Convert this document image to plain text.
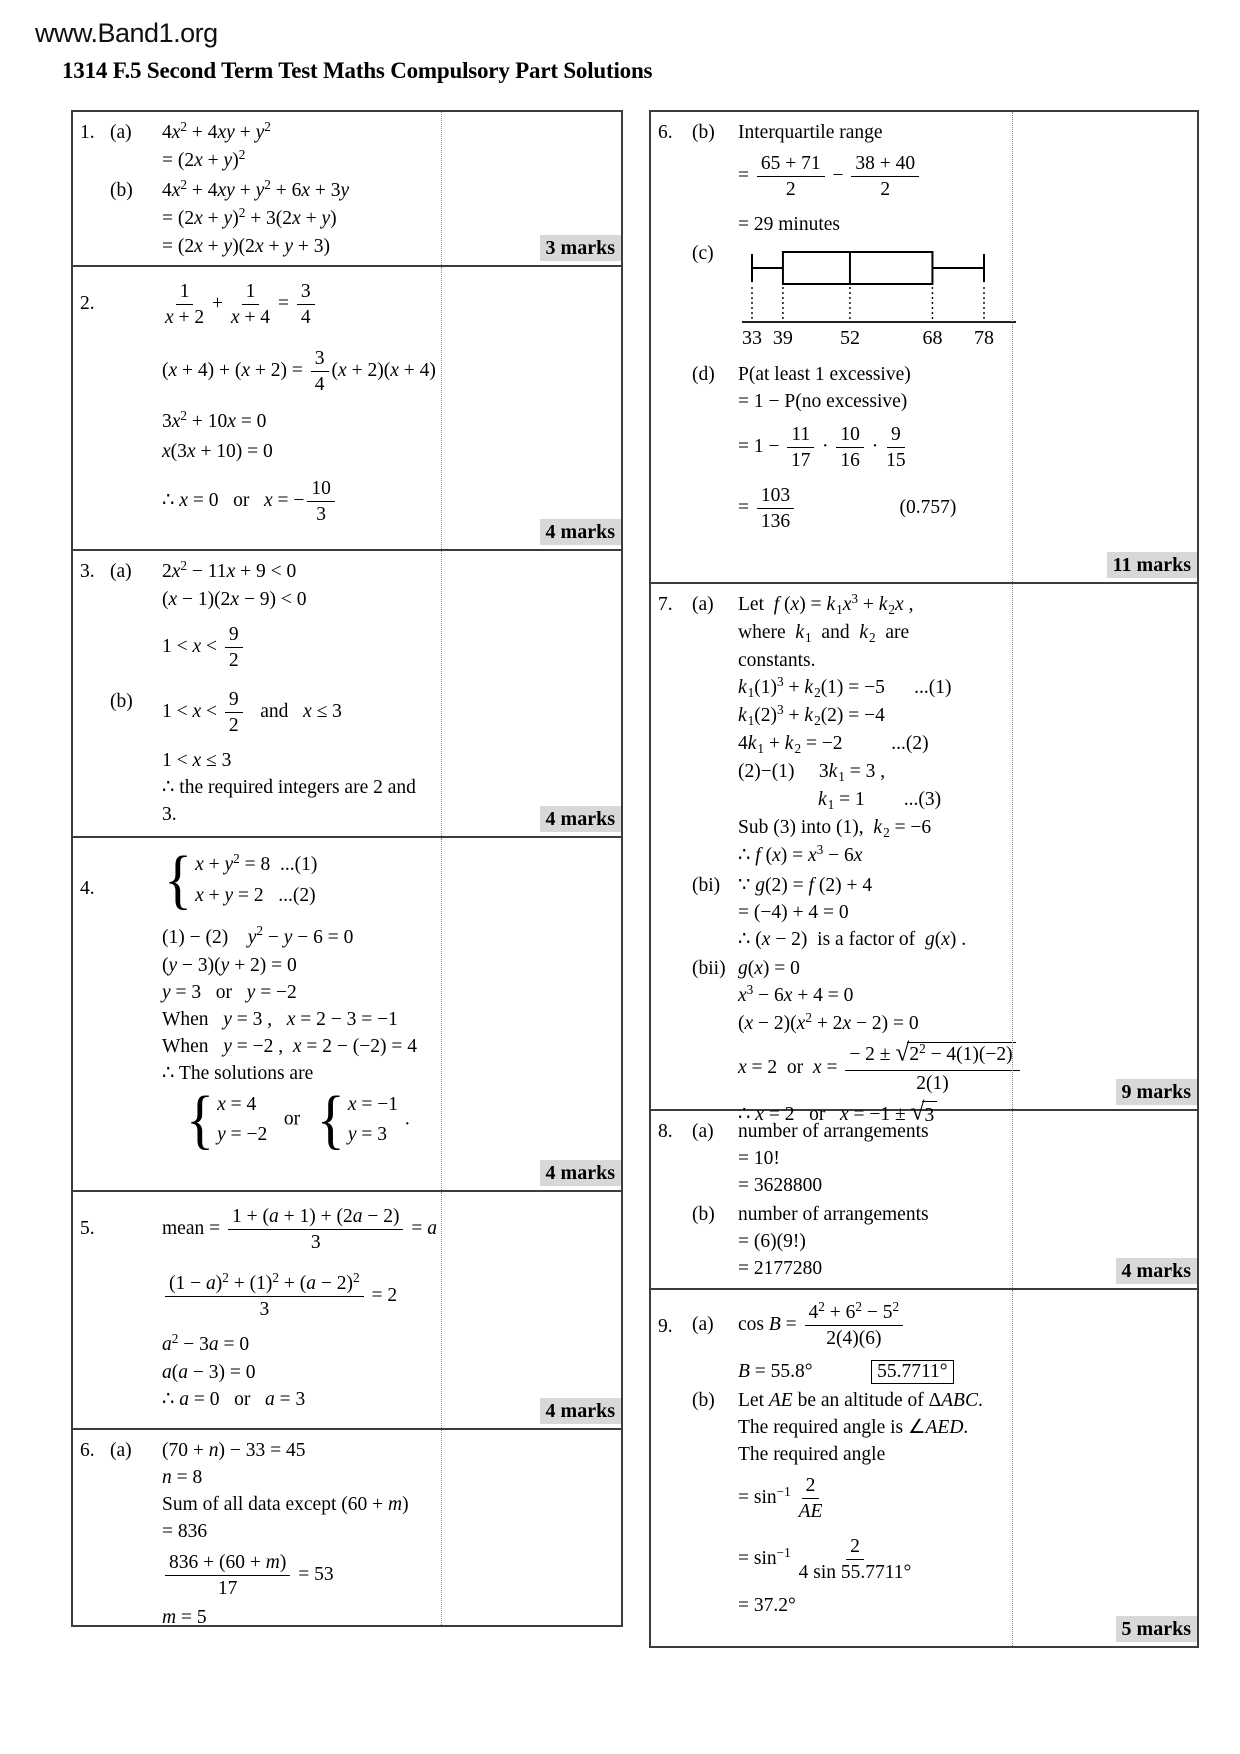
www.Band1.org
1314 F.5 Second Term Test Maths Compulsory Part Solutions
1. (a)	$4x^2 + 4xy + y^2$
= $(2x + y)^2$
(b)	$4x^2 + 4xy + y^2 + 6x + 3y$
= $(2x + y)^2 + 3(2x + y)$
= (2x + y)(2x + y + 3)	3 marks
2.	$\frac{1}{x + 2} + \frac{1}{x + 4} = \frac{3}{4}$
$(x + 4) + (x + 2) = \frac{3}{4} (x + 2)(x + 4)$
$3x^2 + 10x = 0$
x(3x + 10) = 0
∴ x = 0   or   x = − $\frac{10}{3}$
4 marks
3. (a)	$2x^2 - 11x + 9 < 0$
(x − 1)(2x − 9) < 0
$1 < x < \frac{9}{2}$
(b)	$1 < x < \frac{9}{2}$ and   x ≤ 3
1 < x ≤ 3
∴ the required integers are 2 and
3.	4 marks
4. { $x + y^2 = 8$  ...(1)
x + y = 2   ...(2)
(1) − (2)    $y^2 - y - 6 = 0$
(y − 3)(y + 2) = 0
y = 3   or   y = −2
When   y = 3 ,   x = 2 − 3 = −1
When   y = −2 ,  x = 2 − (−2) = 4
∴ The solutions are
{ x = 4
y = −2
or { x = −1
y = 3
.
4 marks
5.	mean = $\frac{1 + (a + 1) + (2a - 2)}{3} = a$
$\frac{(1 - a)^2 + (1)^2 + (a - 2)^2}{3} = 2$
$a^2 - 3a = 0$
a(a − 3) = 0
∴ a = 0   or   a = 3
4 marks
6. (a)	(70 + n) − 33 = 45
n = 8
Sum of all data except (60 + m)
= 836
$\frac{836 + (60 + m)}{17} = 53$
m = 5
6. (b)	Interquartile range
= $\frac{65 + 71}{2} - \frac{38 + 40}{2}$
= 29 minutes
(c)
33 39 52	68 78
(d)	P(at least 1 excessive)
= 1 − P(no excessive)
= $1 - \frac{11}{17} \cdot \frac{10}{16} \cdot \frac{9}{15}$
= $\frac{103}{136} (0.757)$
11 marks
7. (a)	Let  f $(x) = k1x^3 + k2x$ ,
where  k1  and  k2  are
constants.
$k1(1)^3 + k2(1) = -5$      ...(1)
$k1(2)^3 + k2(2) = -4$
4k1 + k2 = −2          ...(2)
(2)−(1)     3k1 = 3 ,
k1 = 1        ...(3)
Sub (3) into (1),  k2 = −6
∴ f $(x) = x^3 - 6x$
(bi) ∵ g(2) = f (2) + 4
= (−4) + 4 = 0
∴ (x − 2)  is a factor of  g(x) .
(bii) g(x) = 0
$x^3 - 6x + 4 = 0$
$(x - 2)(x^2 + 2x - 2) = 0$
x = 2  or  $x = \frac{- 2 \pm √ 2^2 - 4(1)(-2)}{2(1)}$
∴ x = 2   or   x = −1 ± √ 3
9 marks
8. (a)	number of arrangements
= 10!
= 3628800
(b)	number of arrangements
= (6)(9!)
= 2177280	4 marks
9. (a)	$\cos B = \frac{4^2 + 6^2 - 5^2}{2(4)(6)}$
B = 55.8°            55.7711°
(b)	Let AE be an altitude of ΔABC.
The required angle is ∠AED.
The required angle
= $\sin^{-1} \frac{2}{AE}$
= $\sin^{-1} \frac{2}{4 \sin 55.7711^\circ}$
= 37.2°
5 marks
